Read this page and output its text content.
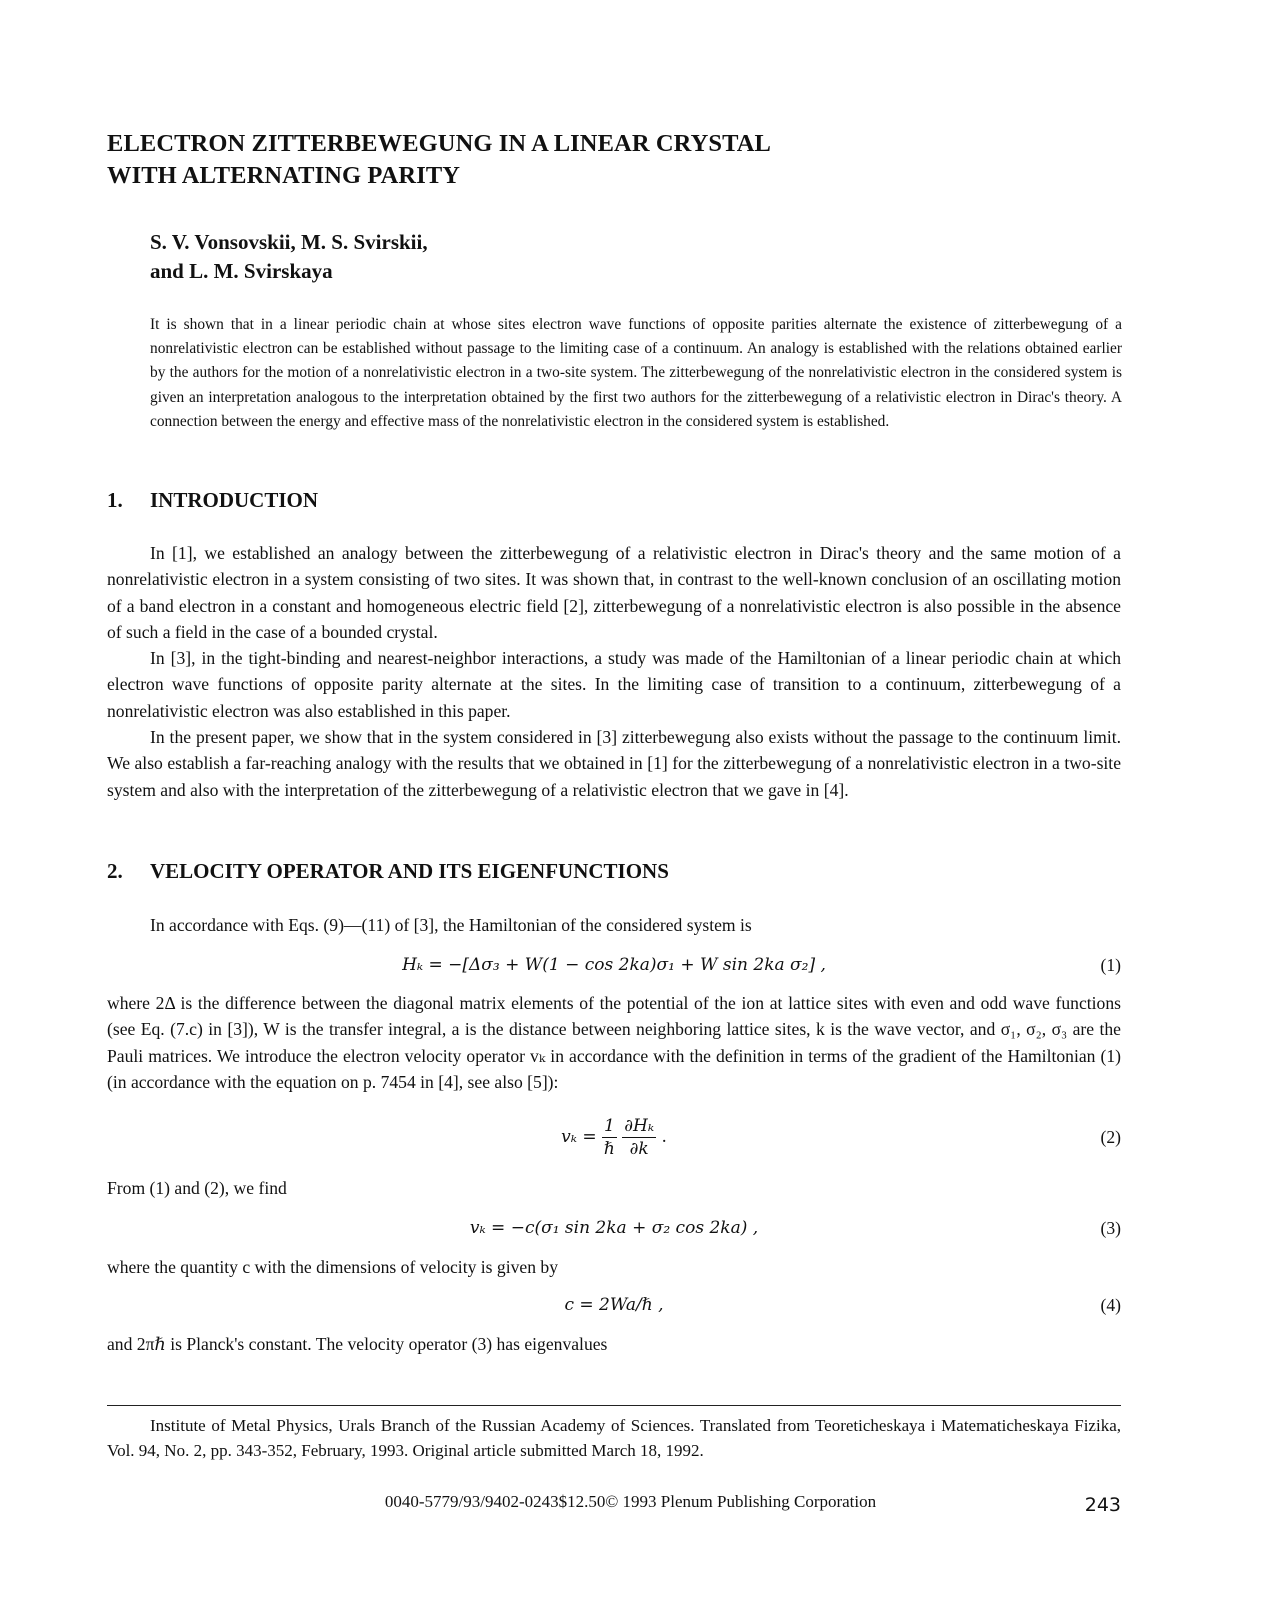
ELECTRON ZITTERBEWEGUNG IN A LINEAR CRYSTAL
WITH ALTERNATING PARITY
S. V. Vonsovskii, M. S. Svirskii,
and L. M. Svirskaya
It is shown that in a linear periodic chain at whose sites electron wave functions of opposite parities alternate the existence of zitterbewegung of a nonrelativistic electron can be established without passage to the limiting case of a continuum. An analogy is established with the relations obtained earlier by the authors for the motion of a nonrelativistic electron in a two-site system. The zitterbewegung of the nonrelativistic electron in the considered system is given an interpretation analogous to the interpretation obtained by the first two authors for the zitterbewegung of a relativistic electron in Dirac's theory. A connection between the energy and effective mass of the nonrelativistic electron in the considered system is established.
1. INTRODUCTION

In [1], we established an analogy between the zitterbewegung of a relativistic electron in Dirac's theory and the same motion of a nonrelativistic electron in a system consisting of two sites. It was shown that, in contrast to the well-known conclusion of an oscillating motion of a band electron in a constant and homogeneous electric field [2], zitterbewegung of a nonrelativistic electron is also possible in the absence of such a field in the case of a bounded crystal.

In [3], in the tight-binding and nearest-neighbor interactions, a study was made of the Hamiltonian of a linear periodic chain at which electron wave functions of opposite parity alternate at the sites. In the limiting case of transition to a continuum, zitterbewegung of a nonrelativistic electron was also established in this paper.

In the present paper, we show that in the system considered in [3] zitterbewegung also exists without the passage to the continuum limit. We also establish a far-reaching analogy with the results that we obtained in [1] for the zitterbewegung of a nonrelativistic electron in a two-site system and also with the interpretation of the zitterbewegung of a relativistic electron that we gave in [4].

2. VELOCITY OPERATOR AND ITS EIGENFUNCTIONS
In accordance with Eqs. (9)—(11) of [3], the Hamiltonian of the considered system is
Hₖ = −[Δσ₃ + W(1 − cos 2ka)σ₁ + W sin 2ka σ₂] ,	(1)

where 2Δ is the difference between the diagonal matrix elements of the potential of the ion at lattice sites with even and odd wave functions (see Eq. (7.c) in [3]), W is the transfer integral, a is the distance between neighboring lattice sites, k is the wave vector, and σ₁, σ₂, σ₃ are the Pauli matrices. We introduce the electron velocity operator vₖ in accordance with the definition in terms of the gradient of the Hamiltonian (1) (in accordance with the equation on p. 7454 in [4], see also [5]):

$v_k = \frac{1}{\text{ℏ}}$
$\frac{\text{∂Hₖ}}{\partial k}$ .	(2)
From (1) and (2), we find
vₖ = −c(σ₁ sin 2ka + σ₂ cos 2ka) ,	(3)
where the quantity c with the dimensions of velocity is given by
c = 2Wa/ℏ ,	(4)
and 2πℏ is Planck's constant. The velocity operator (3) has eigenvalues

Institute of Metal Physics, Urals Branch of the Russian Academy of Sciences. Translated from Teoreticheskaya i Matematicheskaya Fizika, Vol. 94, No. 2, pp. 343-352, February, 1993. Original article submitted March 18, 1992.

0040-5779/93/9402-0243$12.50© 1993 Plenum Publishing Corporation	243
